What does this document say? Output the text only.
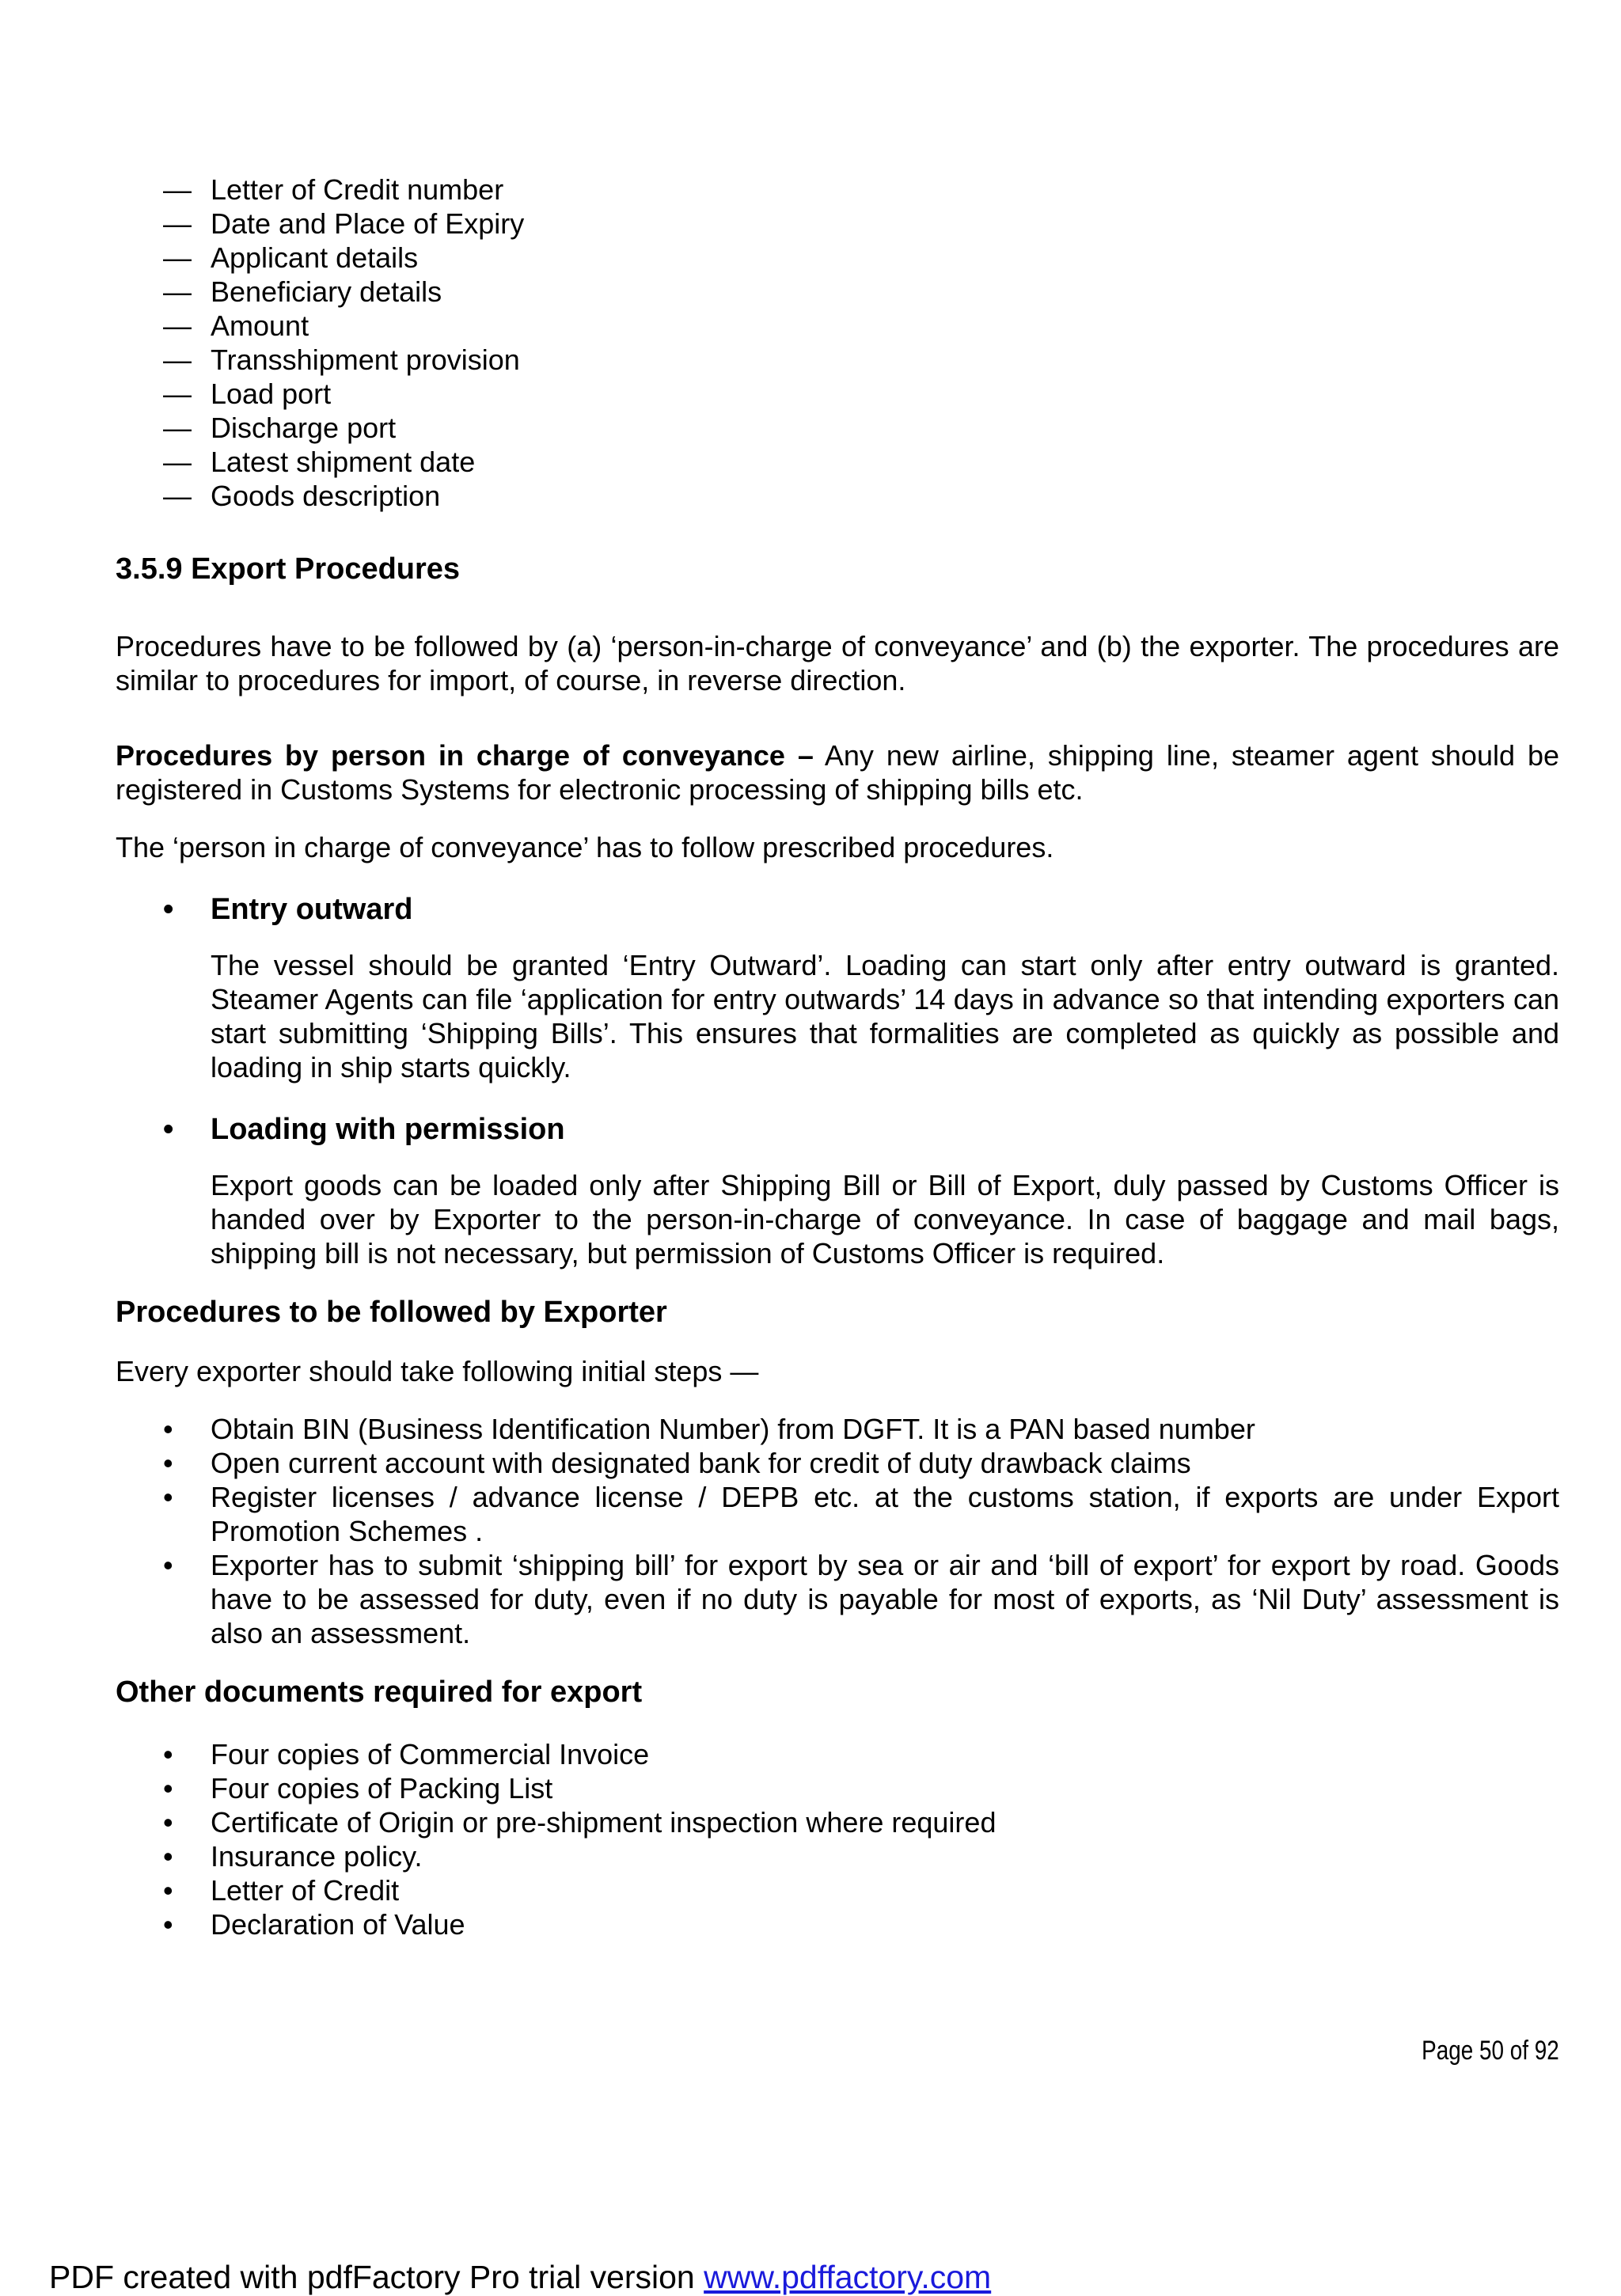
— Letter of Credit number
— Date and Place of Expiry
— Applicant details
— Beneficiary details
— Amount
— Transshipment provision
— Load port
— Discharge port
— Latest shipment date
— Goods description
3.5.9 Export Procedures

Procedures have to be followed by (a) ‘person-in-charge of conveyance’ and (b) the exporter. The procedures are similar to procedures for import, of course, in reverse direction.

Procedures by person in charge of conveyance – Any new airline, shipping line, steamer agent should be registered in Customs Systems for electronic processing of shipping bills etc.

The ‘person in charge of conveyance’ has to follow prescribed procedures.

• Entry outward

The vessel should be granted ‘Entry Outward’. Loading can start only after entry outward is granted. Steamer Agents can file ‘application for entry outwards’ 14 days in advance so that intending exporters can start submitting ‘Shipping Bills’. This ensures that formalities are completed as quickly as possible and loading in ship starts quickly.

• Loading with permission

Export goods can be loaded only after Shipping Bill or Bill of Export, duly passed by Customs Officer is handed over by Exporter to the person-in-charge of conveyance. In case of baggage and mail bags, shipping bill is not necessary, but permission of Customs Officer is required.

Procedures to be followed by Exporter

Every exporter should take following initial steps —

•	Obtain BIN (Business Identification Number) from DGFT. It is a PAN based number
•	Open current account with designated bank for credit of duty drawback claims
•	Register licenses / advance license / DEPB etc. at the customs station, if exports are under Export Promotion Schemes .
•	Exporter has to submit ‘shipping bill’ for export by sea or air and ‘bill of export’ for export by road. Goods have to be assessed for duty, even if no duty is payable for most of exports, as ‘Nil Duty’ assessment is also an assessment.
Other documents required for export
•	Four copies of Commercial Invoice
•	Four copies of Packing List
•	Certificate of Origin or pre-shipment inspection where required
•	Insurance policy.
•	Letter of Credit
•	Declaration of Value
Page 50 of 92
PDF created with pdfFactory Pro trial version www.pdffactory.com
